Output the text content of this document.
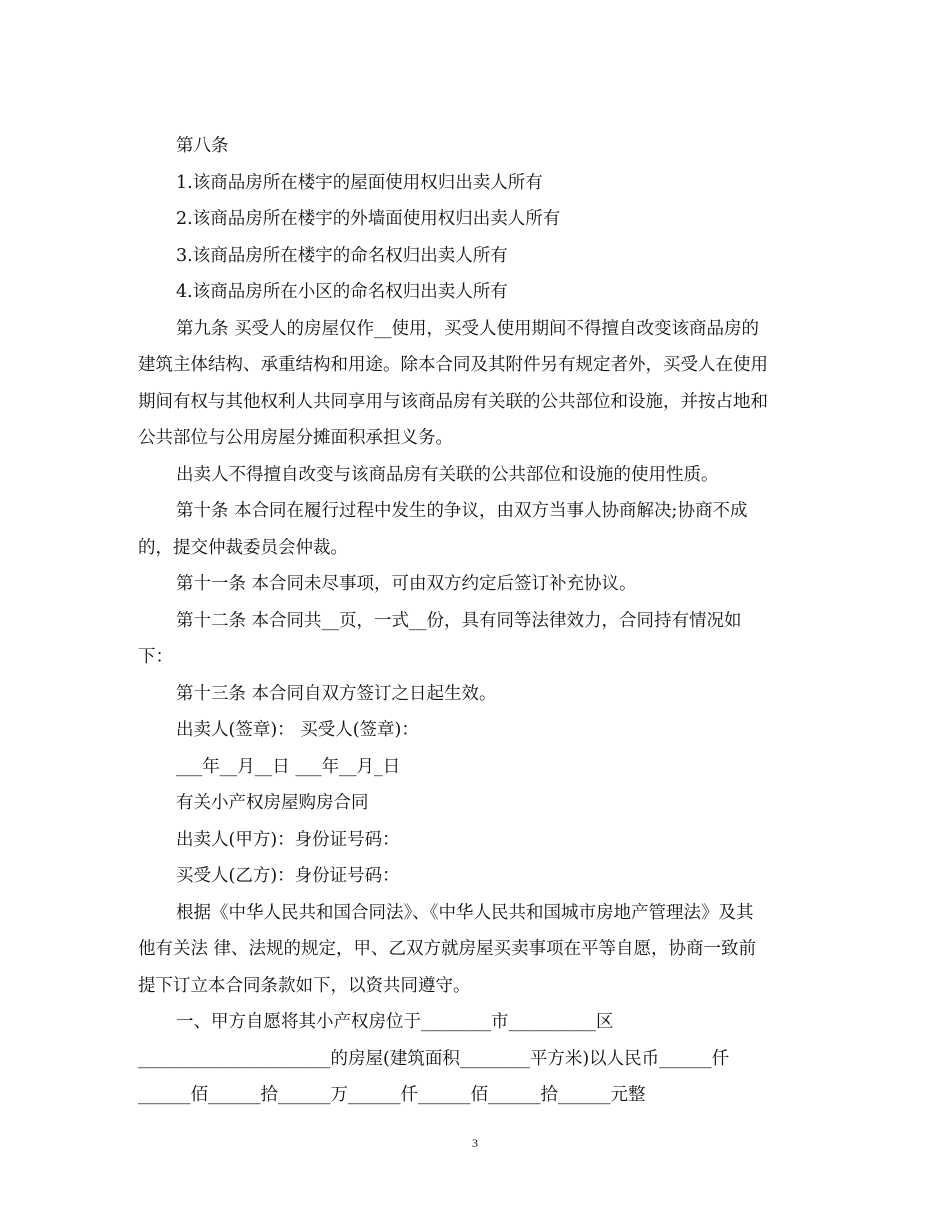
第八条
1.该商品房所在楼宇的屋面使用权归出卖人所有
2.该商品房所在楼宇的外墙面使用权归出卖人所有
3.该商品房所在楼宇的命名权归出卖人所有
4.该商品房所在小区的命名权归出卖人所有
第九条 买受人的房屋仅作__使用，买受人使用期间不得擅自改变该商品房的
建筑主体结构、承重结构和用途。除本合同及其附件另有规定者外，买受人在使用
期间有权与其他权利人共同享用与该商品房有关联的公共部位和设施，并按占地和
公共部位与公用房屋分摊面积承担义务。
出卖人不得擅自改变与该商品房有关联的公共部位和设施的使用性质。
第十条 本合同在履行过程中发生的争议，由双方当事人协商解决;协商不成
的，提交仲裁委员会仲裁。
第十一条 本合同未尽事项，可由双方约定后签订补充协议。
第十二条 本合同共__页，一式__份，具有同等法律效力，合同持有情况如
下：
第十三条 本合同自双方签订之日起生效。
出卖人(签章)： 买受人(签章)：
___年__月__日 ___年__月_日
有关小产权房屋购房合同
出卖人(甲方)：身份证号码：
买受人(乙方)：身份证号码：
根据《中华人民共和国合同法》、《中华人民共和国城市房地产管理法》及其
他有关法 律、法规的规定，甲、乙双方就房屋买卖事项在平等自愿，协商一致前
提下订立本合同条款如下，以资共同遵守。
一、甲方自愿将其小产权房位于________市__________区
______________________的房屋(建筑面积________平方米)以人民币______仟
______佰______拾______万______仟______佰______拾______元整
3
